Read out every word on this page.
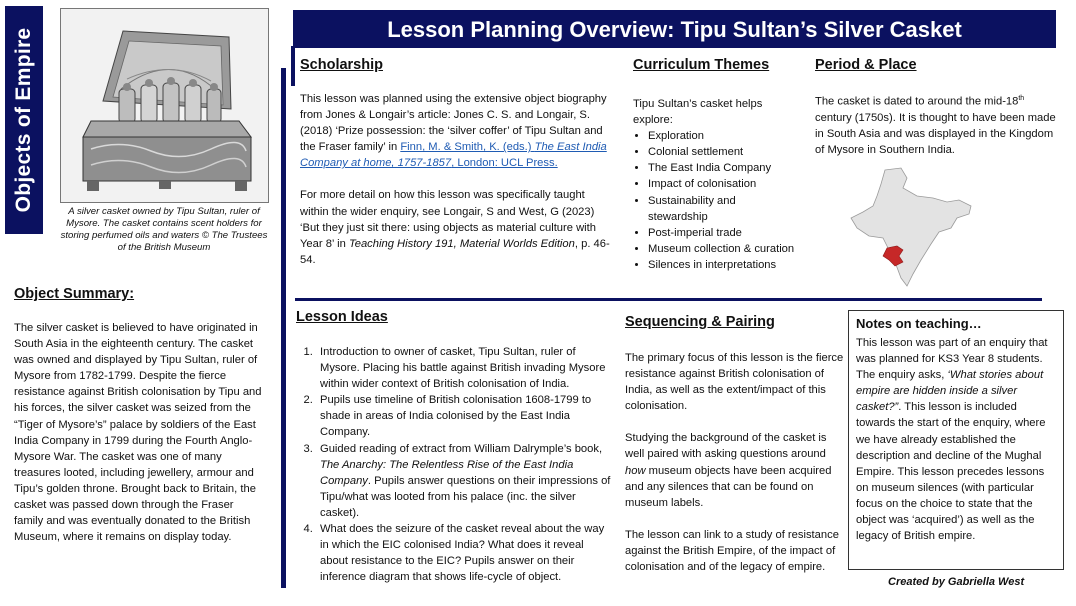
Objects of Empire	A silver casket owned by Tipu Sultan, ruler of Mysore. The casket contains scent holders for storing perfumed oils and waters © The Trustees of the British Museum
Lesson Planning Overview: Tipu Sultan’s Silver Casket
Object Summary:
The silver casket is believed to have originated in South Asia in the eighteenth century. The casket was owned and displayed by Tipu Sultan, ruler of Mysore from 1782-1799. Despite the fierce resistance against British colonisation by Tipu and his forces, the silver casket was seized from the “Tiger of Mysore’s” palace by soldiers of the East India Company in 1799 during the Fourth Anglo-Mysore War. The casket was one of many treasures looted, including jewellery, armour and Tipu’s golden throne. Brought back to Britain, the casket was passed down through the Fraser family and was eventually donated to the British Museum, where it remains on display today.
Scholarship

This lesson was planned using the extensive object biography from Jones & Longair’s article: Jones C. S. and Longair, S. (2018) ‘Prize possession: the ‘silver coffer’ of Tipu Sultan and the Fraser family’ in Finn, M. & Smith, K. (eds.) The East India Company at home, 1757-1857, London: UCL Press.

For more detail on how this lesson was specifically taught within the wider enquiry, see Longair, S and West, G (2023) ‘But they just sit there: using objects as material culture with Year 8’ in Teaching History 191, Material Worlds Edition, p. 46-54.

Curriculum Themes

Tipu Sultan’s casket helps explore:

• Exploration
• Colonial settlement
• The East India Company
• Impact of colonisation
• Sustainability and stewardship
• Post-imperial trade
• Museum collection & curation
• Silences in interpretations
Period & Place

The casket is dated to around the mid-18th century (1750s). It is thought to have been made in South Asia and was displayed in the Kingdom of Mysore in Southern India.

Lesson Ideas
1. Introduction to owner of casket, Tipu Sultan, ruler of Mysore. Placing his battle against British invading Mysore within wider context of British colonisation of India.
2. Pupils use timeline of British colonisation 1608-1799 to shade in areas of India colonised by the East India Company.
3. Guided reading of extract from William Dalrymple’s book, The Anarchy: The Relentless Rise of the East India Company. Pupils answer questions on their impressions of Tipu/what was looted from his palace (inc. the silver casket).
4. What does the seizure of the casket reveal about the way in which the EIC colonised India? What does it reveal about resistance to the EIC? Pupils answer on their inference diagram that shows life-cycle of object.
Sequencing & Pairing

The primary focus of this lesson is the fierce resistance against British colonisation of India, as well as the extent/impact of this colonisation.

Studying the background of the casket is well paired with asking questions around how museum objects have been acquired and any silences that can be found on museum labels.

The lesson can link to a study of resistance against the British Empire, of the impact of colonisation and of the legacy of empire.

Notes on teaching…

This lesson was part of an enquiry that was planned for KS3 Year 8 students. The enquiry asks, ‘What stories about empire are hidden inside a silver casket?”. This lesson is included towards the start of the enquiry, where we have already established the description and decline of the Mughal Empire. This lesson precedes lessons on museum silences (with particular focus on the choice to state that the object was ‘acquired’) as well as the legacy of British empire.

Created by Gabriella West
